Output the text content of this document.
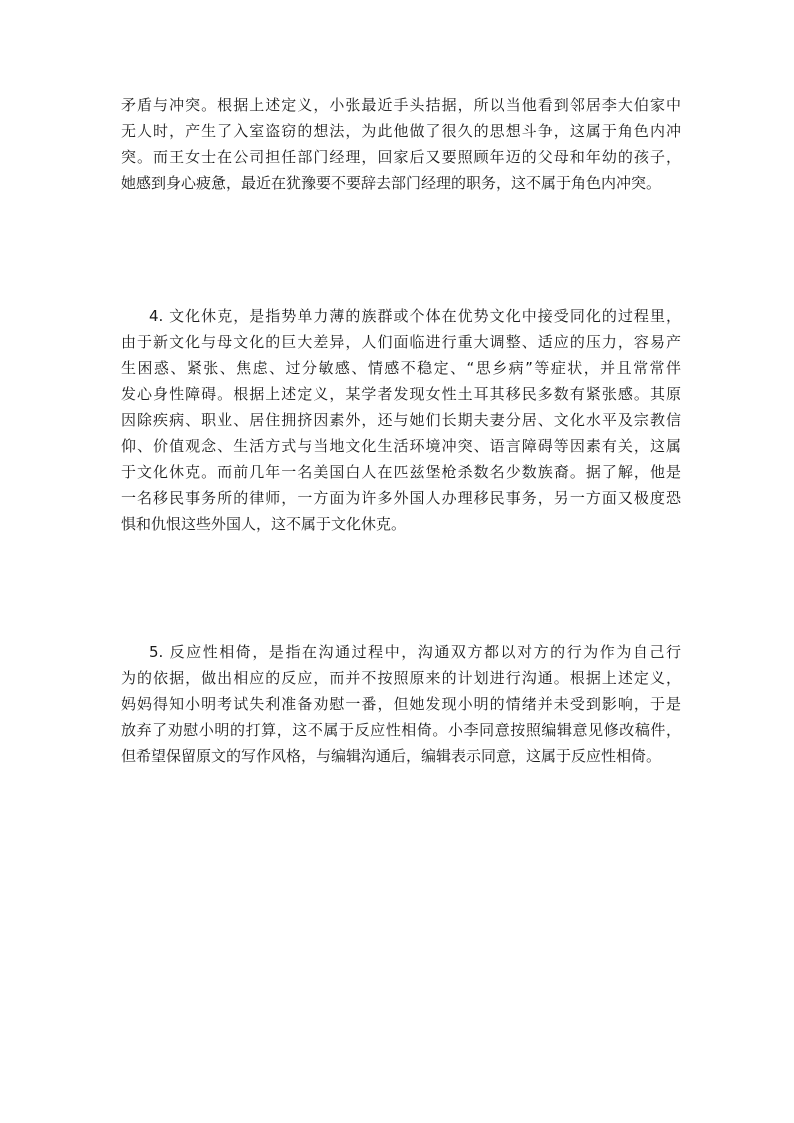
矛盾与冲突。根据上述定义，小张最近手头拮据，所以当他看到邻居李大伯家中
无人时，产生了入室盗窃的想法，为此他做了很久的思想斗争，这属于角色内冲
突。而王女士在公司担任部门经理，回家后又要照顾年迈的父母和年幼的孩子，
她感到身心疲惫，最近在犹豫要不要辞去部门经理的职务，这不属于角色内冲突。
4. 文化休克，是指势单力薄的族群或个体在优势文化中接受同化的过程里，
由于新文化与母文化的巨大差异，人们面临进行重大调整、适应的压力，容易产
生困惑、紧张、焦虑、过分敏感、情感不稳定、“思乡病”等症状，并且常常伴
发心身性障碍。根据上述定义，某学者发现女性土耳其移民多数有紧张感。其原
因除疾病、职业、居住拥挤因素外，还与她们长期夫妻分居、文化水平及宗教信
仰、价值观念、生活方式与当地文化生活环境冲突、语言障碍等因素有关，这属
于文化休克。而前几年一名美国白人在匹兹堡枪杀数名少数族裔。据了解，他是
一名移民事务所的律师，一方面为许多外国人办理移民事务，另一方面又极度恐
惧和仇恨这些外国人，这不属于文化休克。
5. 反应性相倚，是指在沟通过程中，沟通双方都以对方的行为作为自己行
为的依据，做出相应的反应，而并不按照原来的计划进行沟通。根据上述定义，
妈妈得知小明考试失利准备劝慰一番，但她发现小明的情绪并未受到影响，于是
放弃了劝慰小明的打算，这不属于反应性相倚。小李同意按照编辑意见修改稿件，
但希望保留原文的写作风格，与编辑沟通后，编辑表示同意，这属于反应性相倚。
